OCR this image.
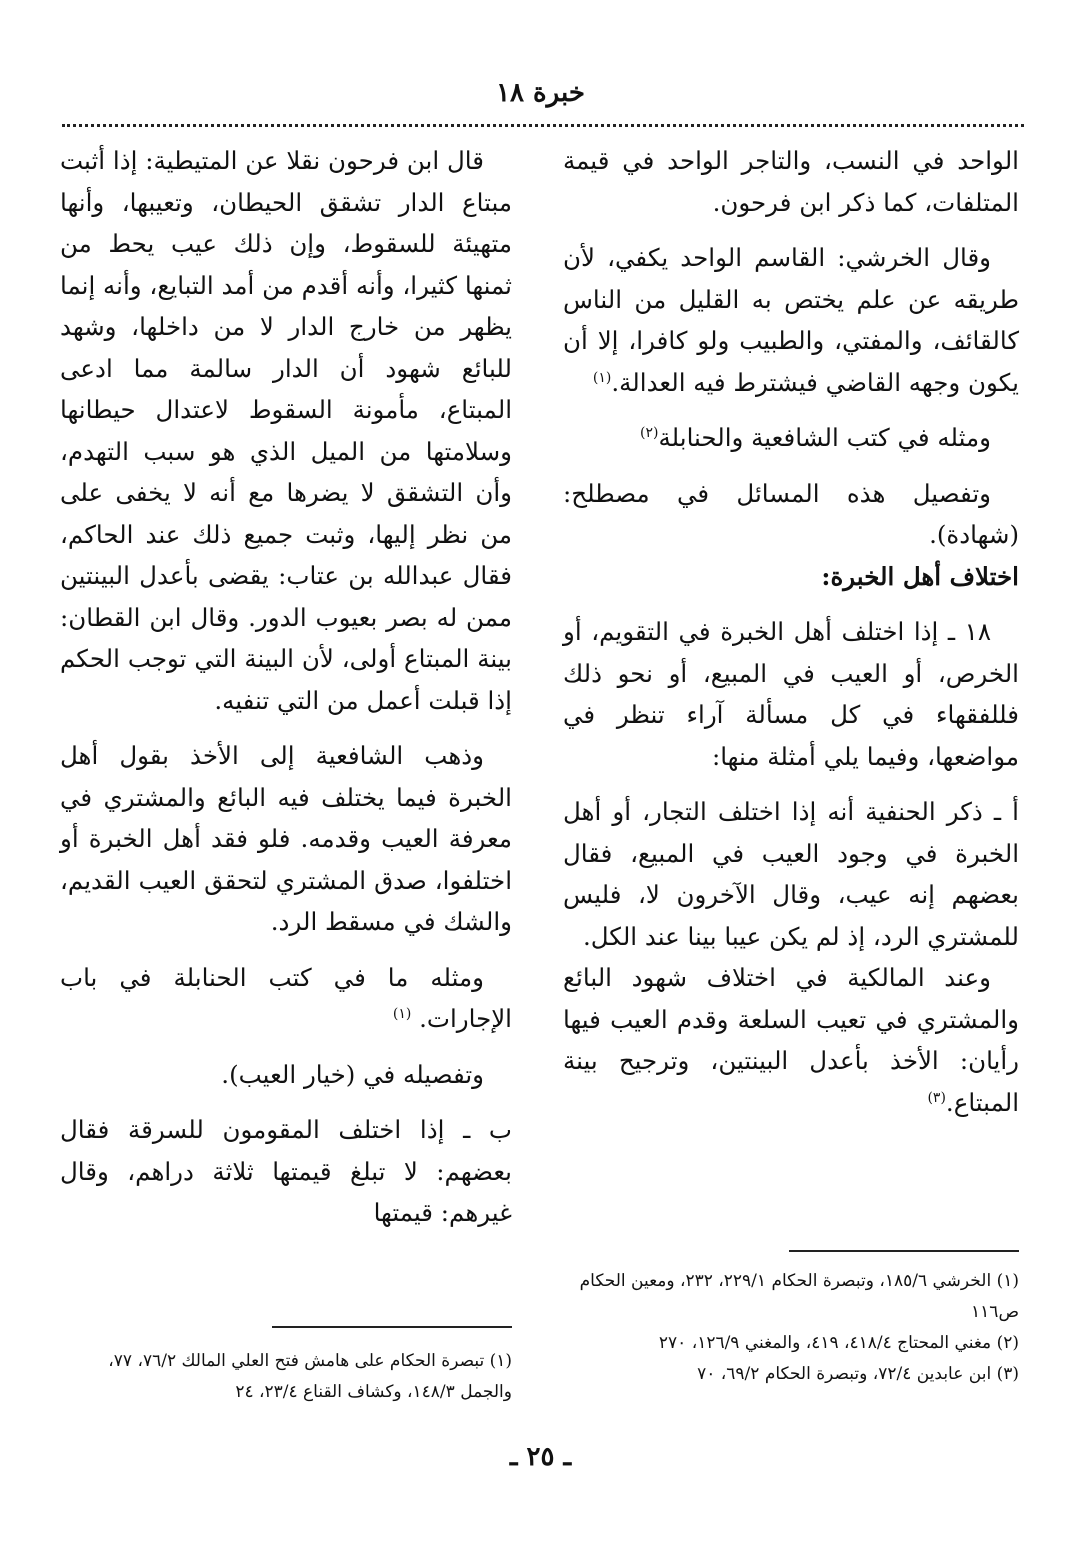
خبرة ١٨

الواحد في النسب، والتاجر الواحد في قيمة المتلفات، كما ذكر ابن فرحون.

وقال الخرشي: القاسم الواحد يكفي، لأن طريقه عن علم يختص به القليل من الناس كالقائف، والمفتي، والطبيب ولو كافرا، إلا أن يكون وجهه القاضي فيشترط فيه العدالة.$^{(١)}$

ومثله في كتب الشافعية والحنابلة$^{(٢)}$

وتفصيل هذه المسائل في مصطلح: (شهادة).

اختلاف أهل الخبرة:

١٨ ـ إذا اختلف أهل الخبرة في التقويم، أو الخرص، أو العيب في المبيع، أو نحو ذلك فللفقهاء في كل مسألة آراء تنظر في مواضعها، وفيما يلي أمثلة منها:

أ ـ ذكر الحنفية أنه إذا اختلف التجار، أو أهل الخبرة في وجود العيب في المبيع، فقال بعضهم إنه عيب، وقال الآخرون لا، فليس للمشتري الرد، إذ لم يكن عيبا بينا عند الكل.

وعند المالكية في اختلاف شهود البائع والمشتري في تعيب السلعة وقدم العيب فيها رأيان: الأخذ بأعدل البينتين، وترجيح بينة المبتاع.$^{(٣)}$

(١) الخرشي ١٨٥/٦، وتبصرة الحكام ٢٢٩/١، ٢٣٢، ومعين الحكام ص١١٦

(٢) مغني المحتاج ٤١٨/٤، ٤١٩، والمغني ١٢٦/٩، ٢٧٠

(٣) ابن عابدين ٧٢/٤، وتبصرة الحكام ٦٩/٢، ٧٠

قال ابن فرحون نقلا عن المتيطية: إذا أثبت مبتاع الدار تشقق الحيطان، وتعيبها، وأنها متهيئة للسقوط، وإن ذلك عيب يحط من ثمنها كثيرا، وأنه أقدم من أمد التبايع، وأنه إنما يظهر من خارج الدار لا من داخلها، وشهد للبائع شهود أن الدار سالمة مما ادعى المبتاع، مأمونة السقوط لاعتدال حيطانها وسلامتها من الميل الذي هو سبب التهدم، وأن التشقق لا يضرها مع أنه لا يخفى على من نظر إليها، وثبت جميع ذلك عند الحاكم، فقال عبدالله بن عتاب: يقضى بأعدل البينتين ممن له بصر بعيوب الدور. وقال ابن القطان: بينة المبتاع أولى، لأن البينة التي توجب الحكم إذا قبلت أعمل من التي تنفيه.

وذهب الشافعية إلى الأخذ بقول أهل الخبرة فيما يختلف فيه البائع والمشتري في معرفة العيب وقدمه. فلو فقد أهل الخبرة أو اختلفوا، صدق المشتري لتحقق العيب القديم، والشك في مسقط الرد.

ومثله ما في كتب الحنابلة في باب الإجارات. $^{(١)}$

وتفصيله في (خيار العيب).

ب ـ إذا اختلف المقومون للسرقة فقال بعضهم: لا تبلغ قيمتها ثلاثة دراهم، وقال غيرهم: قيمتها

(١) تبصرة الحكام على هامش فتح العلي المالك ٧٦/٢، ٧٧، والجمل ١٤٨/٣، وكشاف القناع ٢٣/٤، ٢٤

ـ ٢٥ ـ
